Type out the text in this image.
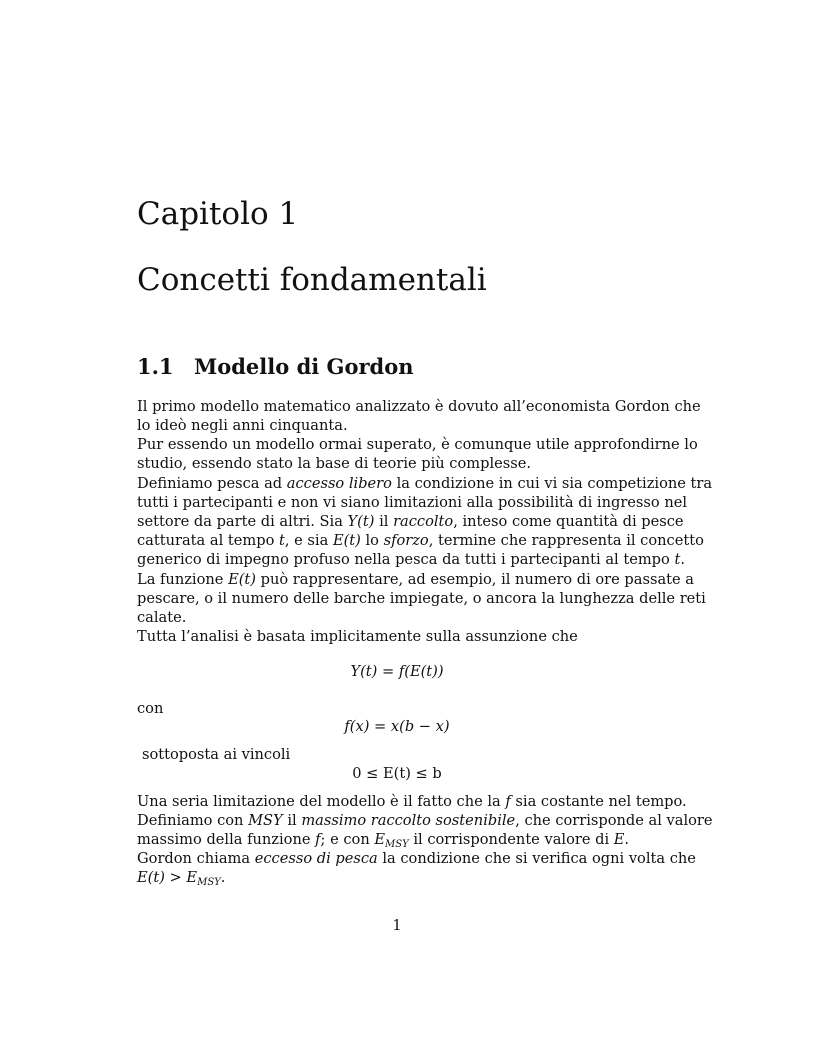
Capitolo 1
Concetti fondamentali
1.1 Modello di Gordon
Il primo modello matematico analizzato è dovuto all’economista Gordon che
lo ideò negli anni cinquanta.
Pur essendo un modello ormai superato, è comunque utile approfondirne lo
studio, essendo stato la base di teorie più complesse.
Definiamo pesca ad accesso libero la condizione in cui vi sia competizione tra
tutti i partecipanti e non vi siano limitazioni alla possibilità di ingresso nel
settore da parte di altri. Sia Y(t) il raccolto, inteso come quantità di pesce
catturata al tempo t, e sia E(t) lo sforzo, termine che rappresenta il concetto
generico di impegno profuso nella pesca da tutti i partecipanti al tempo t.
La funzione E(t) può rappresentare, ad esempio, il numero di ore passate a
pescare, o il numero delle barche impiegate, o ancora la lunghezza delle reti
calate.
Tutta l’analisi è basata implicitamente sulla assunzione che
Y(t) = f(E(t))
con
f(x) = x(b − x)
sottoposta ai vincoli
0 ≤ E(t) ≤ b
Una seria limitazione del modello è il fatto che la f sia costante nel tempo.
Definiamo con MSY il massimo raccolto sostenibile, che corrisponde al valore
massimo della funzione f; e con $E_{MSY}$ il corrispondente valore di E.
Gordon chiama eccesso di pesca la condizione che si verifica ogni volta che
$E(t) > E_{MSY}$.
1
